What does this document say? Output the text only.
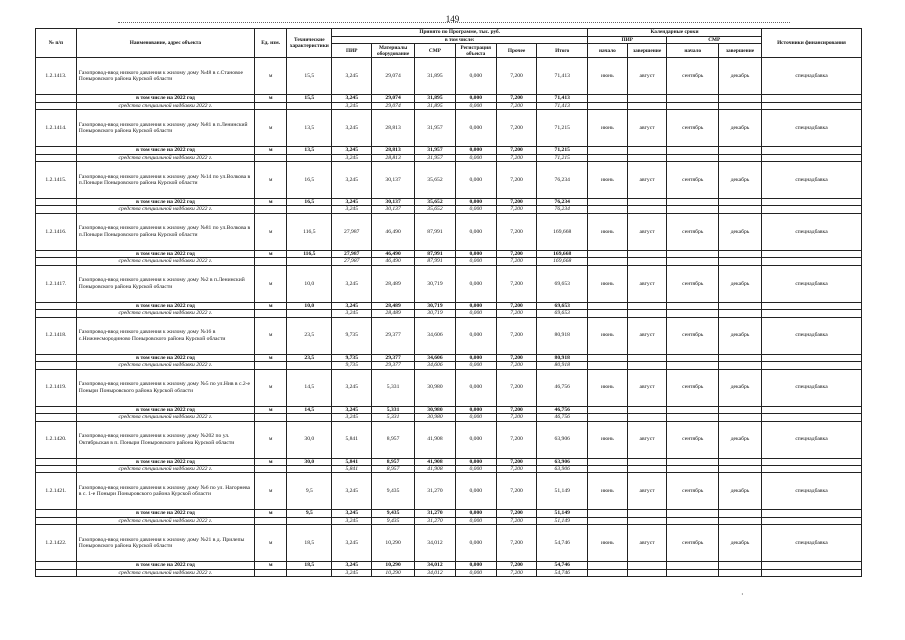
149
№ п/п	Наименование, адрес объекта	Ед. изм.	Технические характеристики	Принято по Программе, тыс. руб.						Календарные сроки				Источники финансирования
				в том числе:						ПИР		СМР		
				ПИР	Материалы оборудование	СМР	Регистрация объекта	Прочее	Итого	начало	завершение	начало	завершение	
1.2.1413.	Газопровод-ввод низкого давления к жилому дому №48 в с.Становое Поныровского района Курской области	м	15,5	3,245	29,074	31,895	0,000	7,200	71,413	июнь	август	сентябрь	декабрь	спецнадбавка
	в том числе на 2022 год	м	15,5	3,245	29,074	31,895	0,000	7,200	71,413					
	средства специальной надбавки 2022 г.			3,245	29,074	31,895	0,000	7,200	71,413					
1.2.1414.	Газопровод-ввод низкого давления к жилому дому №81 в п.Ленинский Поныровского района Курской области	м	13,5	3,245	28,813	31,957	0,000	7,200	71,215	июнь	август	сентябрь	декабрь	спецнадбавка
	в том числе на 2022 год	м	13,5	3,245	28,813	31,957	0,000	7,200	71,215					
	средства специальной надбавки 2022 г.			3,245	28,813	31,957	0,000	7,200	71,215					
1.2.1415.	Газопровод-ввод низкого давления к жилому дому №14 по ул.Волкова в п.Поныри Поныровского района Курской области	м	16,5	3,245	30,137	35,652	0,000	7,200	76,234	июнь	август	сентябрь	декабрь	спецнадбавка
	в том числе на 2022 год	м	16,5	3,245	30,137	35,652	0,000	7,200	76,234					
	средства специальной надбавки 2022 г.			3,245	30,137	35,652	0,000	7,200	76,234					
1.2.1416.	Газопровод-ввод низкого давления к жилому дому №81 по ул.Волкова в п.Поныри Поныровского района Курской области	м	116,5	27,987	46,490	87,991	0,000	7,200	169,668	июнь	август	сентябрь	декабрь	спецнадбавка
	в том числе на 2022 год	м	116,5	27,987	46,490	87,991	0,000	7,200	169,668					
	средства специальной надбавки 2022 г.			27,987	46,490	87,991	0,000	7,200	169,668					
1.2.1417.	Газопровод-ввод низкого давления к жилому дому №2 в п.Ленинский Поныровского района Курской области	м	10,0	3,245	28,489	30,719	0,000	7,200	69,653	июнь	август	сентябрь	декабрь	спецнадбавка
	в том числе на 2022 год	м	10,0	3,245	28,489	30,719	0,000	7,200	69,653					
	средства специальной надбавки 2022 г.			3,245	28,489	30,719	0,000	7,200	69,653					
1.2.1418.	Газопровод-ввод низкого давления к жилому дому №16 в с.Нижнесмородиново Поныровского района Курской области	м	23,5	9,735	29,377	34,606	0,000	7,200	80,918	июнь	август	сентябрь	декабрь	спецнадбавка
	в том числе на 2022 год	м	23,5	9,735	29,377	34,606	0,000	7,200	80,918					
	средства специальной надбавки 2022 г.			9,735	29,377	34,606	0,000	7,200	80,918					
1.2.1419.	Газопровод-ввод низкого давления к жилому дому №5 по ул.Нив в с.2-е Поныри Поныровского района Курской области	м	14,5	3,245	5,331	30,980	0,000	7,200	46,756	июнь	август	сентябрь	декабрь	спецнадбавка
	в том числе на 2022 год	м	14,5	3,245	5,331	30,980	0,000	7,200	46,756					
	средства специальной надбавки 2022 г.			3,245	5,331	30,980	0,000	7,200	46,756					
1.2.1420.	Газопровод-ввод низкого давления к жилому дому №202 по ул. Октябрьская в п. Поныри Поныровского района Курской области	м	30,0	5,841	8,957	41,908	0,000	7,200	63,906	июнь	август	сентябрь	декабрь	спецнадбавка
	в том числе на 2022 год	м	30,0	5,841	8,957	41,908	0,000	7,200	63,906					
	средства специальной надбавки 2022 г.			5,841	8,957	41,908	0,000	7,200	63,906					
1.2.1421.	Газопровод-ввод низкого давления к жилому дому №6 по ул. Нагорнева в с. 1-е Поныри Поныровского района Курской области	м	9,5	3,245	9,435	31,270	0,000	7,200	51,149	июнь	август	сентябрь	декабрь	спецнадбавка
	в том числе на 2022 год	м	9,5	3,245	9,435	31,270	0,000	7,200	51,149					
	средства специальной надбавки 2022 г.			3,245	9,435	31,270	0,000	7,200	51,149					
1.2.1422.	Газопровод-ввод низкого давления к жилому дому №21 в д. Прилепы Поныровского района Курской области	м	18,5	3,245	10,290	34,012	0,000	7,200	54,746	июнь	август	сентябрь	декабрь	спецнадбавка
	в том числе на 2022 год	м	18,5	3,245	10,290	34,012	0,000	7,200	54,746					
	средства специальной надбавки 2022 г.			3,245	10,290	34,012	0,000	7,200	54,746					
·
